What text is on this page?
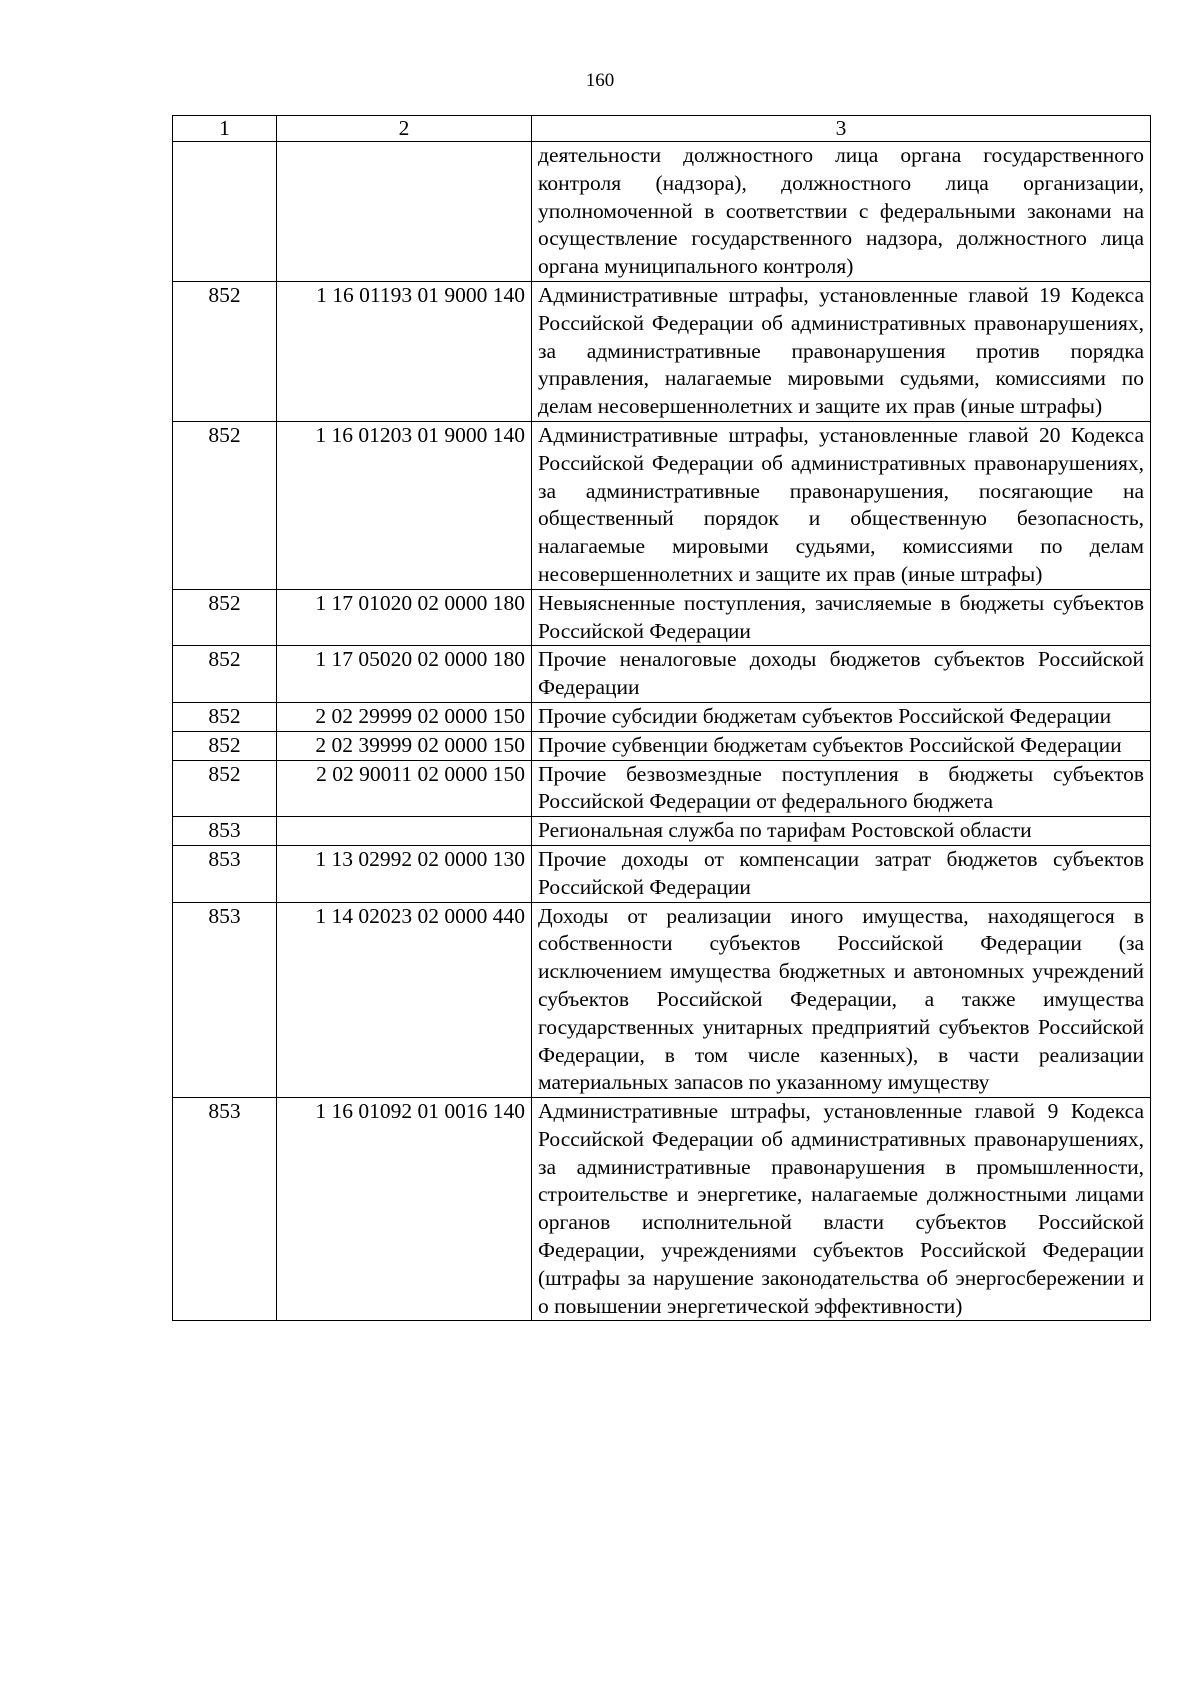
160
1	2	3
		деятельности должностного лица органа государственного контроля (надзора), должностного лица организации, уполномоченной в соответствии с федеральными законами на осуществление государственного надзора, должностного лица органа муниципального контроля)
852	1 16 01193 01 9000 140	Административные штрафы, установленные главой 19 Кодекса Российской Федерации об административных правонарушениях, за административные правонарушения против порядка управления, налагаемые мировыми судьями, комиссиями по делам несовершеннолетних и защите их прав (иные штрафы)
852	1 16 01203 01 9000 140	Административные штрафы, установленные главой 20 Кодекса Российской Федерации об административных правонарушениях, за административные правонарушения, посягающие на общественный порядок и общественную безопасность, налагаемые мировыми судьями, комиссиями по делам несовершеннолетних и защите их прав (иные штрафы)
852	1 17 01020 02 0000 180	Невыясненные поступления, зачисляемые в бюджеты субъектов Российской Федерации
852	1 17 05020 02 0000 180	Прочие неналоговые доходы бюджетов субъектов Российской Федерации
852	2 02 29999 02 0000 150	Прочие субсидии бюджетам субъектов Российской Федерации
852	2 02 39999 02 0000 150	Прочие субвенции бюджетам субъектов Российской Федерации
852	2 02 90011 02 0000 150	Прочие безвозмездные поступления в бюджеты субъектов Российской Федерации от федерального бюджета
853		Региональная служба по тарифам Ростовской области
853	1 13 02992 02 0000 130	Прочие доходы от компенсации затрат бюджетов субъектов Российской Федерации
853	1 14 02023 02 0000 440	Доходы от реализации иного имущества, находящегося в собственности субъектов Российской Федерации (за исключением имущества бюджетных и автономных учреждений субъектов Российской Федерации, а также имущества государственных унитарных предприятий субъектов Российской Федерации, в том числе казенных), в части реализации материальных запасов по указанному имуществу
853	1 16 01092 01 0016 140	Административные штрафы, установленные главой 9 Кодекса Российской Федерации об административных правонарушениях, за административные правонарушения в промышленности, строительстве и энергетике, налагаемые должностными лицами органов исполнительной власти субъектов Российской Федерации, учреждениями субъектов Российской Федерации (штрафы за нарушение законодательства об энергосбережении и о повышении энергетической эффективности)
